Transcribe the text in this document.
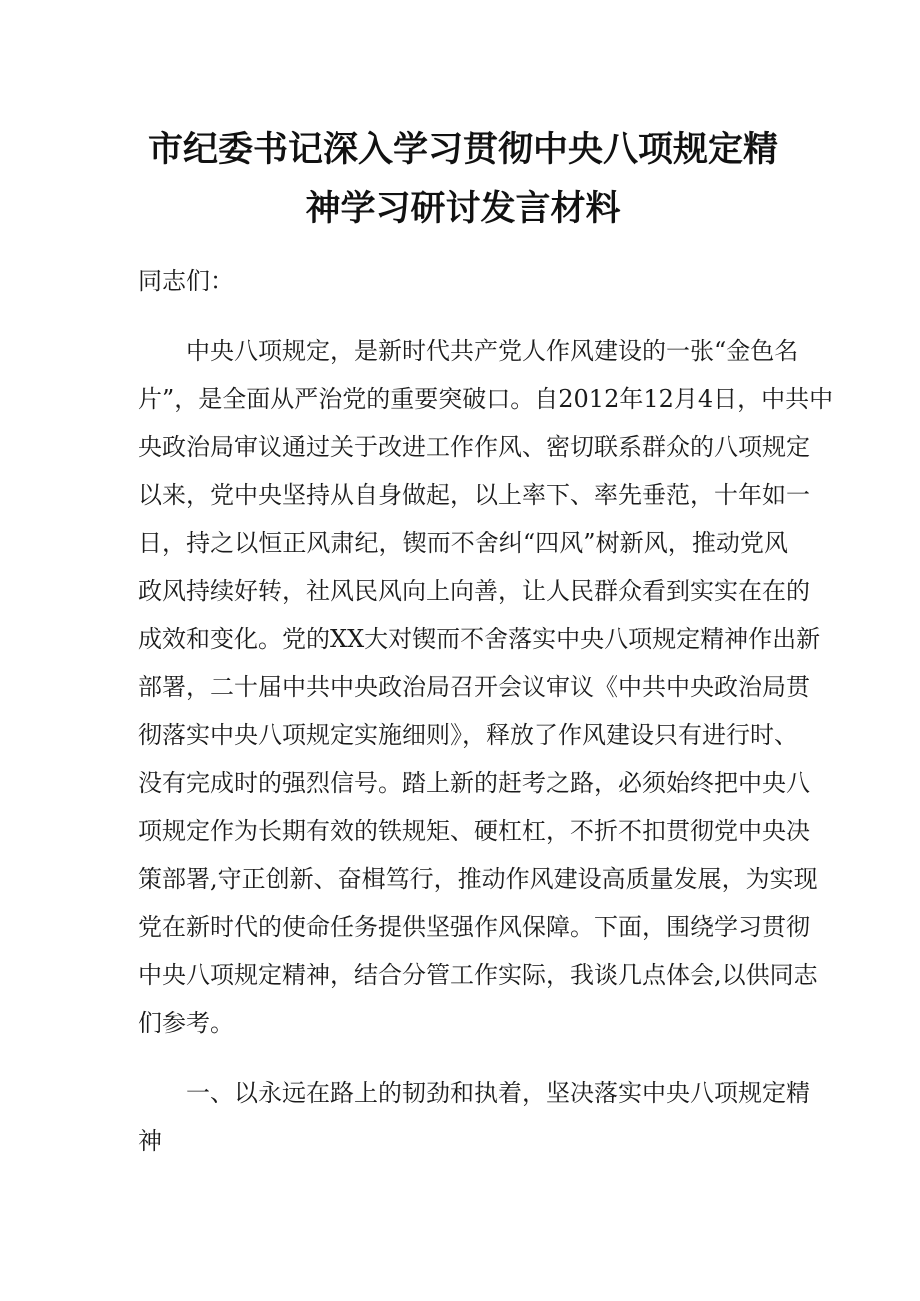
市纪委书记深入学习贯彻中央八项规定精
神学习研讨发言材料
同志们：
中央八项规定，是新时代共产党人作风建设的一张“金色名
片”，是全面从严治党的重要突破口。自2012年12月4日，中共中
央政治局审议通过关于改进工作作风、密切联系群众的八项规定
以来，党中央坚持从自身做起，以上率下、率先垂范，十年如一
日，持之以恒正风肃纪，锲而不舍纠“四风”树新风，推动党风
政风持续好转，社风民风向上向善，让人民群众看到实实在在的
成效和变化。党的XX大对锲而不舍落实中央八项规定精神作出新
部署，二十届中共中央政治局召开会议审议《中共中央政治局贯
彻落实中央八项规定实施细则》，释放了作风建设只有进行时、
没有完成时的强烈信号。踏上新的赶考之路，必须始终把中央八
项规定作为长期有效的铁规矩、硬杠杠，不折不扣贯彻党中央决
策部署,守正创新、奋楫笃行，推动作风建设高质量发展，为实现
党在新时代的使命任务提供坚强作风保障。下面，围绕学习贯彻
中央八项规定精神，结合分管工作实际，我谈几点体会,以供同志
们参考。
一、以永远在路上的韧劲和执着，坚决落实中央八项规定精
神
